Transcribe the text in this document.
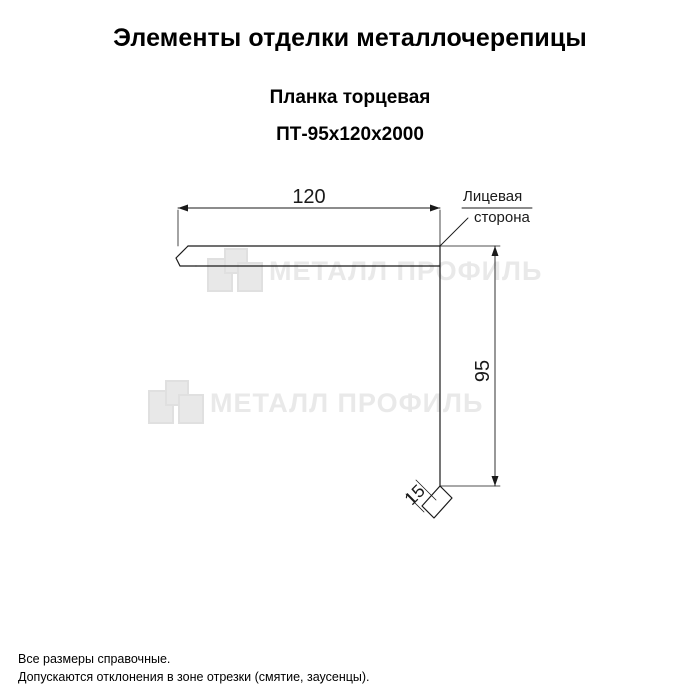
Элементы отделки металлочерепицы
Планка торцевая
ПТ-95x120x2000
МЕТАЛЛ ПРОФИЛЬ
МЕТАЛЛ ПРОФИЛЬ
120
95
15
Лицевая
сторона
Все размеры справочные.
Допускаются отклонения в зоне отрезки (смятие, заусенцы).
